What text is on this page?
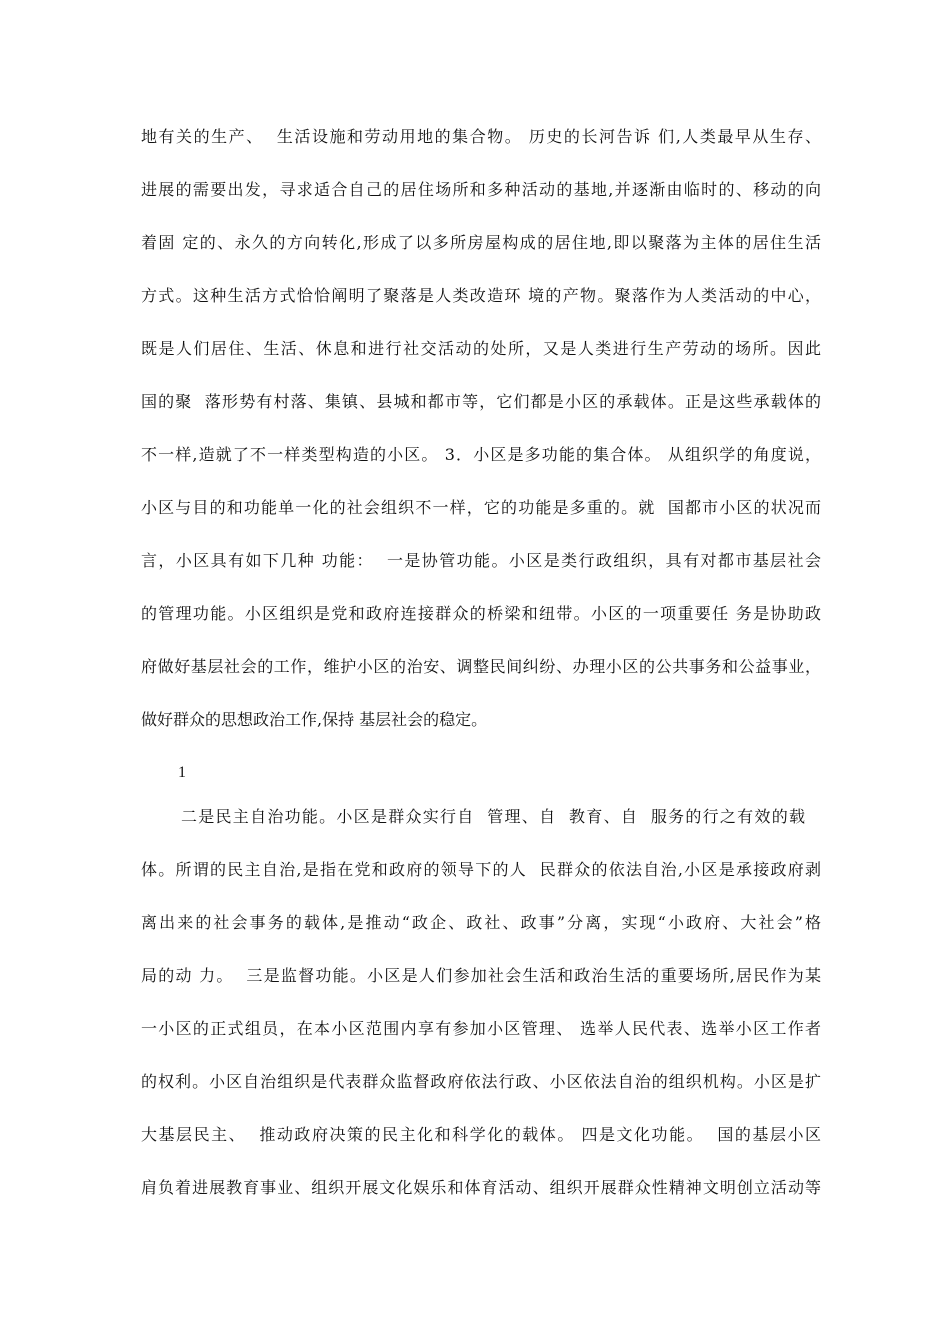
地有关的生产、  生活设施和劳动用地的集合物。 历史的长河告诉 们,人类最早从生存、
进展的需要出发，寻求适合自己的居住场所和多种活动的基地,并逐渐由临时的、移动的向
着固 定的、永久的方向转化,形成了以多所房屋构成的居住地,即以聚落为主体的居住生活
方式。这种生活方式恰恰阐明了聚落是人类改造环 境的产物。聚落作为人类活动的中心，
既是人们居住、生活、休息和进行社交活动的处所，又是人类进行生产劳动的场所。因此
国的聚  落形势有村落、集镇、县城和都市等，它们都是小区的承载体。正是这些承载体的
不一样,造就了不一样类型构造的小区。 3．小区是多功能的集合体。 从组织学的角度说，
小区与目的和功能单一化的社会组织不一样，它的功能是多重的。就  国都市小区的状况而
言，小区具有如下几种 功能：  一是协管功能。小区是类行政组织，具有对都市基层社会
的管理功能。小区组织是党和政府连接群众的桥梁和纽带。小区的一项重要任 务是协助政
府做好基层社会的工作，维护小区的治安、调整民间纠纷、办理小区的公共事务和公益事业，
做好群众的思想政治工作,保持 基层社会的稳定。
1
二是民主自治功能。小区是群众实行自  管理、自  教育、自  服务的行之有效的载
体。所谓的民主自治,是指在党和政府的领导下的人  民群众的依法自治,小区是承接政府剥
离出来的社会事务的载体,是推动“政企、政社、政事”分离，实现“小政府、大社会”格
局的动 力。  三是监督功能。小区是人们参加社会生活和政治生活的重要场所,居民作为某
一小区的正式组员，在本小区范围内享有参加小区管理、 选举人民代表、选举小区工作者
的权利。小区自治组织是代表群众监督政府依法行政、小区依法自治的组织机构。小区是扩
大基层民主、  推动政府决策的民主化和科学化的载体。 四是文化功能。  国的基层小区
肩负着进展教育事业、组织开展文化娱乐和体育活动、组织开展群众性精神文明创立活动等
